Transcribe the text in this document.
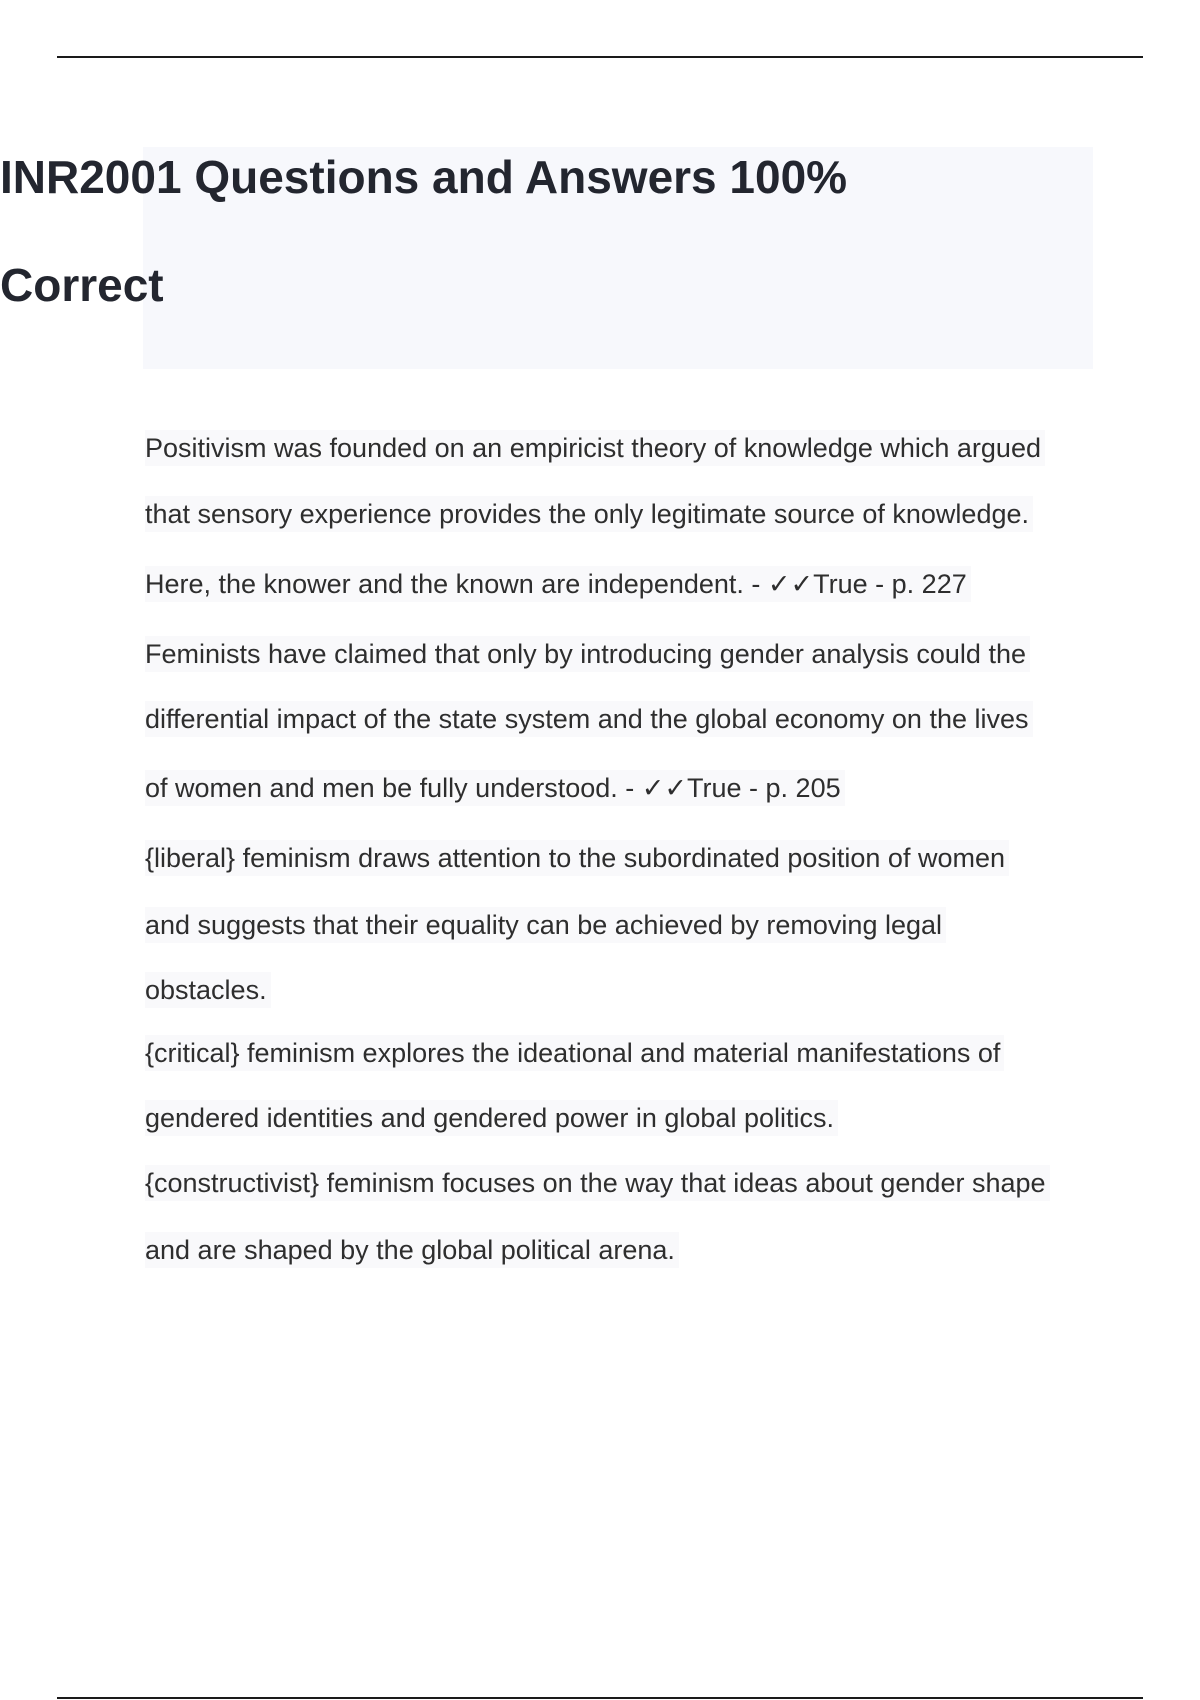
INR2001 Questions and Answers 100%
Correct
Positivism was founded on an empiricist theory of knowledge which argued
that sensory experience provides the only legitimate source of knowledge.
Here, the knower and the known are independent. - ✓✓True - p. 227
Feminists have claimed that only by introducing gender analysis could the
differential impact of the state system and the global economy on the lives
of women and men be fully understood. - ✓✓True - p. 205
{liberal} feminism draws attention to the subordinated position of women
and suggests that their equality can be achieved by removing legal
obstacles.
{critical} feminism explores the ideational and material manifestations of
gendered identities and gendered power in global politics.
{constructivist} feminism focuses on the way that ideas about gender shape
and are shaped by the global political arena.
